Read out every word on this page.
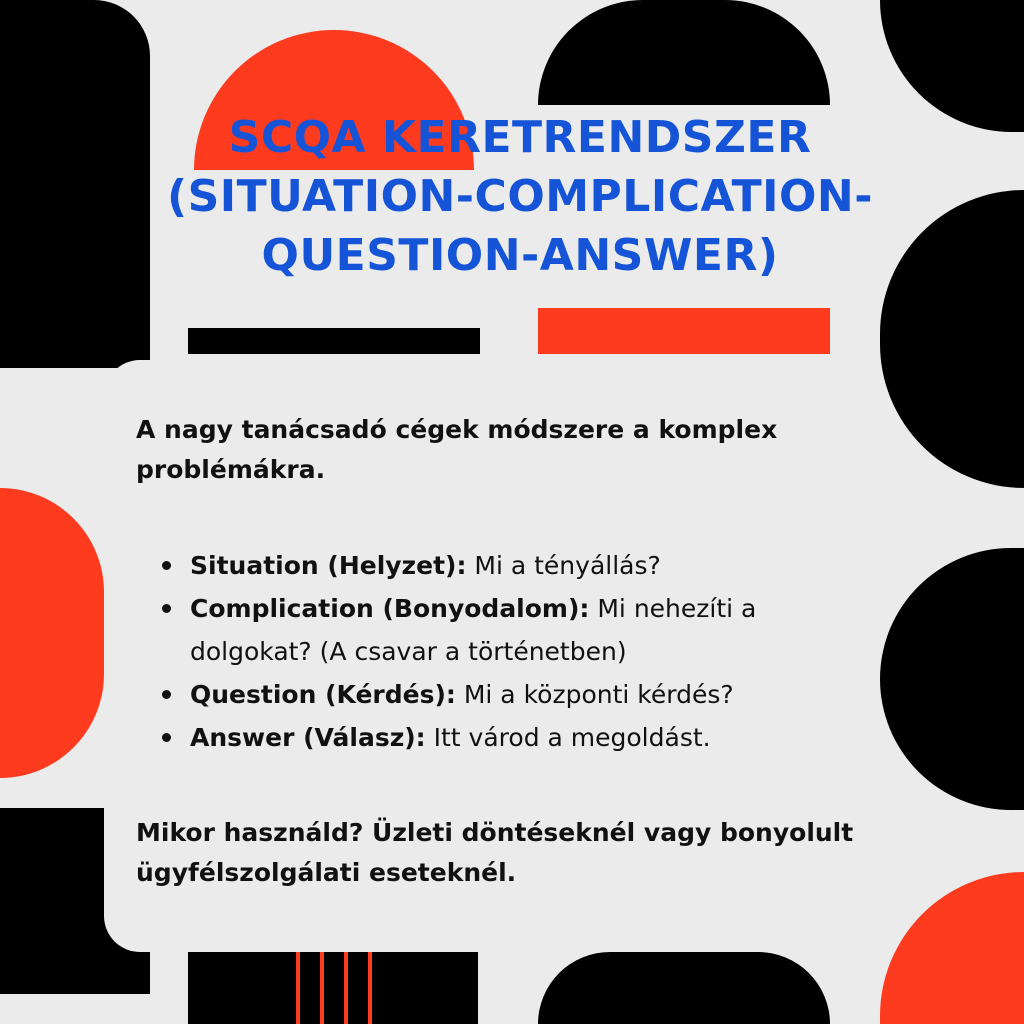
SCQA KERETRENDSZER
(SITUATION-COMPLICATION-
QUESTION-ANSWER)

A nagy tanácsadó cégek módszere a komplex problémákra.

Situation (Helyzet): Mi a tényállás?
Complication (Bonyodalom): Mi nehezíti a dolgokat? (A csavar a történetben)
Question (Kérdés): Mi a központi kérdés?
Answer (Válasz): Itt várod a megoldást.

Mikor használd? Üzleti döntéseknél vagy bonyolult ügyfélszolgálati eseteknél.
